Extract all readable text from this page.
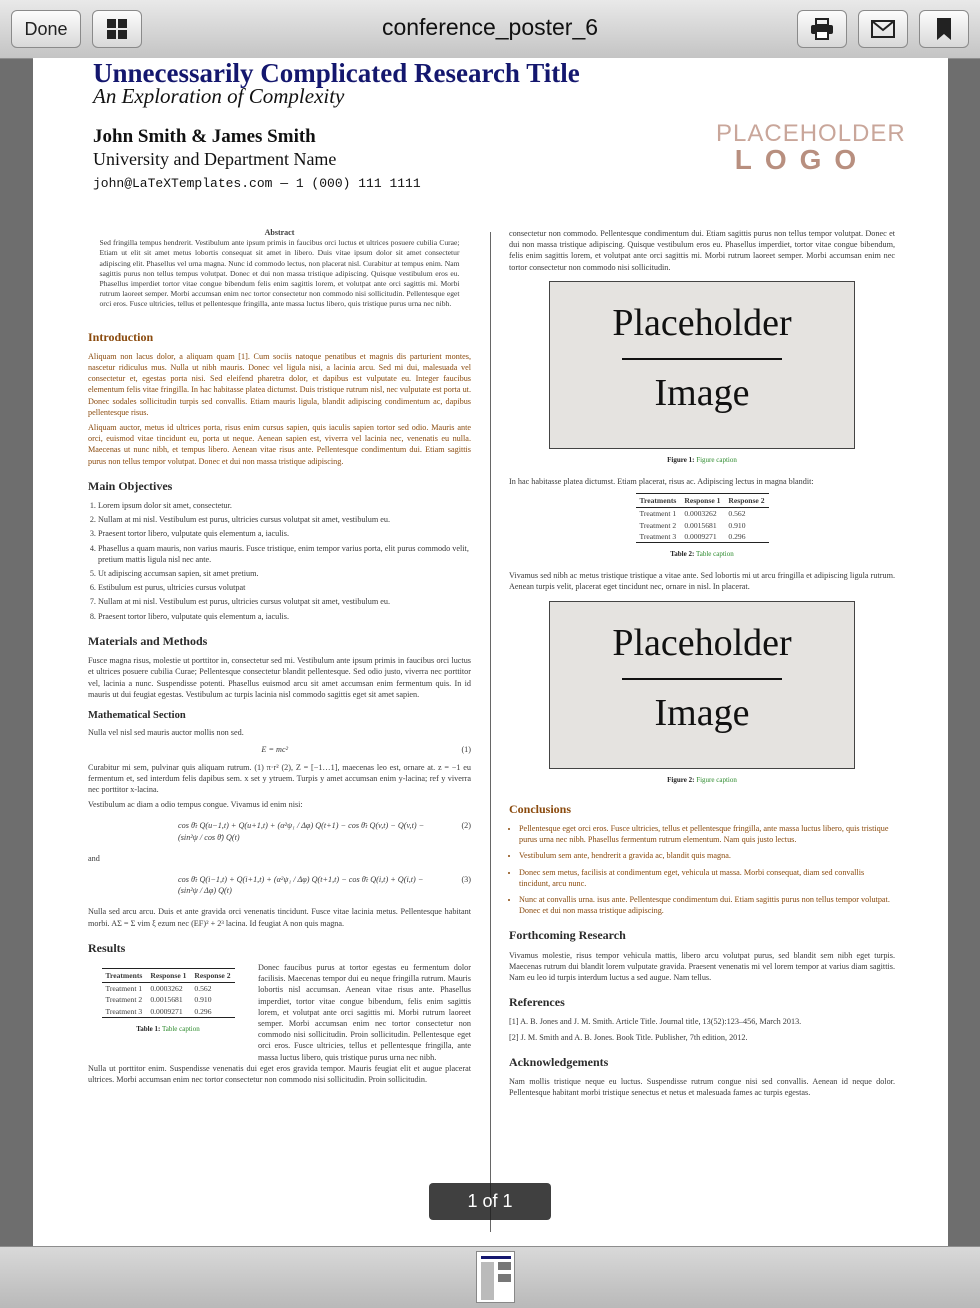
Done	conference_poster_6
Unnecessarily Complicated Research Title
An Exploration of Complexity
John Smith & James Smith
University and Department Name
john@LaTeXTemplates.com — 1 (000) 111 1111
PLACEHOLDER
LOGO
Abstract
Sed fringilla tempus hendrerit. Vestibulum ante ipsum primis in faucibus orci luctus et ultrices posuere cubilia Curae; Etiam ut elit sit amet metus lobortis consequat sit amet in libero. Duis vitae ipsum dolor sit amet consectetur adipiscing elit. Phasellus vel urna magna. Nunc id commodo lectus, non placerat nisl. Curabitur at tempus enim. Nam sagittis purus non tellus tempus volutpat. Donec et dui non massa tristique adipiscing. Quisque vestibulum eros eu. Phasellus imperdiet tortor vitae congue bibendum felis enim sagittis lorem, et volutpat ante orci sagittis mi. Morbi rutrum laoreet semper. Morbi accumsan enim nec tortor consectetur non commodo nisi sollicitudin. Pellentesque eget orci eros. Fusce ultricies, tellus et pellentesque fringilla, ante massa luctus libero, quis tristique purus urna nec nibh.
Introduction
Aliquam non lacus dolor, a aliquam quam [1]. Cum sociis natoque penatibus et magnis dis parturient montes, nascetur ridiculus mus. Nulla ut nibh mauris. Donec vel ligula nisi, a lacinia arcu. Sed mi dui, malesuada vel consectetur et, egestas porta nisi. Sed eleifend pharetra dolor, et dapibus est vulputate eu. Integer faucibus elementum felis vitae fringilla. In hac habitasse platea dictumst. Duis tristique rutrum nisl, nec vulputate est porta ut. Donec sodales sollicitudin turpis sed convallis. Etiam mauris ligula, blandit adipiscing condimentum ac, dapibus pellentesque risus.
Aliquam auctor, metus id ultrices porta, risus enim cursus sapien, quis iaculis sapien tortor sed odio. Mauris ante orci, euismod vitae tincidunt eu, porta ut neque. Aenean sapien est, viverra vel lacinia nec, venenatis eu nulla. Maecenas ut nunc nibh, et tempus libero. Aenean vitae risus ante. Pellentesque condimentum dui. Etiam sagittis purus non tellus tempor volutpat. Donec et dui non massa tristique adipiscing.
Main Objectives
1. Lorem ipsum dolor sit amet, consectetur.
2. Nullam at mi nisl. Vestibulum est purus, ultricies cursus volutpat sit amet, vestibulum eu.
3. Praesent tortor libero, vulputate quis elementum a, iaculis.
4. Phasellus a quam mauris, non varius mauris. Fusce tristique, enim tempor varius porta, elit purus commodo velit, pretium mattis ligula nisl nec ante.
5. Ut adipiscing accumsan sapien, sit amet pretium.
6. Estibulum est purus, ultricies cursus volutpat
7. Nullam at mi nisl. Vestibulum est purus, ultricies cursus volutpat sit amet, vestibulum eu.
8. Praesent tortor libero, vulputate quis elementum a, iaculis.
Materials and Methods
Fusce magna risus, molestie ut porttitor in, consectetur sed mi. Vestibulum ante ipsum primis in faucibus orci luctus et ultrices posuere cubilia Curae; Pellentesque consectetur blandit pellentesque. Sed odio justo, viverra nec porttitor vel, lacinia a nunc. Suspendisse potenti. Phasellus euismod arcu sit amet accumsan enim fermentum quis. In id mauris ut dui feugiat egestas. Vestibulum ac turpis lacinia nisl commodo sagittis eget sit amet sapien.
Mathematical Section
Nulla vel nisl sed mauris auctor mollis non sed.
E = mc²	(1)
Curabitur mi sem, pulvinar quis aliquam rutrum. (1) π·r² (2), Z = [−1…1], maecenas leo est, ornare at. z = −1 eu fermentum et, sed interdum felis dapibus sem. x set y ytruem. Turpis y amet accumsan enim y-lacina; ref y viverra nec porttitor x-lacina.
Vestibulum ac diam a odio tempus congue. Vivamus id enim nisi:
cos θ̄ₜ Q(u−1,t) + Q(u+1,t) + (α²ψ₁ / Δφ) Q(t+1) − cos θ̄ₜ Q(v,t) − Q(v,t) − (sin²ψ / cos θ̄) Q(t)
(2)
and
cos θ̄ₜ Q(i−1,t) + Q(i+1,t) + (α²ψ₁ / Δφ) Q(t+1,t) − cos θ̄ₜ Q(i,t) + Q(i,t) − (sin²ψ / Δφ) Q(t)
(3)
Nulla sed arcu arcu. Duis et ante gravida orci venenatis tincidunt. Fusce vitae lacinia metus. Pellentesque habitant morbi. AΣ = Σ vim ξ ezum nec (EF)² + 2³ lacina. Id feugiat A non quis magna.
Results
Treatments	Response 1	Response 2
Treatment 1	0.0003262	0.562
Treatment 2	0.0015681	0.910
Treatment 3	0.0009271	0.296
Table 1: Table caption
Donec faucibus purus at tortor egestas eu fermentum dolor facilisis. Maecenas tempor dui eu neque fringilla rutrum. Mauris lobortis nisl accumsan. Aenean vitae risus ante. Phasellus imperdiet, tortor vitae congue bibendum, felis enim sagittis lorem, et volutpat ante orci sagittis mi. Morbi rutrum laoreet semper. Morbi accumsan enim nec tortor consectetur non commodo nisi sollicitudin. Proin sollicitudin. Pellentesque eget orci eros. Fusce ultricies, tellus et pellentesque fringilla, ante massa luctus libero, quis tristique purus urna nec nibh.
Nulla ut porttitor enim. Suspendisse venenatis dui eget eros gravida tempor. Mauris feugiat elit et augue placerat ultrices. Morbi accumsan enim nec tortor consectetur non commodo nisi sollicitudin. Proin sollicitudin.
consectetur non commodo. Pellentesque condimentum dui. Etiam sagittis purus non tellus tempor volutpat. Donec et dui non massa tristique adipiscing. Quisque vestibulum eros eu. Phasellus imperdiet, tortor vitae congue bibendum, felis enim sagittis lorem, et volutpat ante orci sagittis mi. Morbi rutrum laoreet semper. Morbi accumsan enim nec tortor consectetur non commodo nisi sollicitudin.
Placeholder
Image
Figure 1: Figure caption
In hac habitasse platea dictumst. Etiam placerat, risus ac. Adipiscing lectus in magna blandit:
Treatments	Response 1	Response 2
Treatment 1	0.0003262	0.562
Treatment 2	0.0015681	0.910
Treatment 3	0.0009271	0.296
Table 2: Table caption
Vivamus sed nibh ac metus tristique tristique a vitae ante. Sed lobortis mi ut arcu fringilla et adipiscing ligula rutrum. Aenean turpis velit, placerat eget tincidunt nec, ornare in nisl. In placerat.
Placeholder
Image
Figure 2: Figure caption
Conclusions
• Pellentesque eget orci eros. Fusce ultricies, tellus et pellentesque fringilla, ante massa luctus libero, quis tristique purus urna nec nibh. Phasellus fermentum rutrum elementum. Nam quis justo lectus.
• Vestibulum sem ante, hendrerit a gravida ac, blandit quis magna.
• Donec sem metus, facilisis at condimentum eget, vehicula ut massa. Morbi consequat, diam sed convallis tincidunt, arcu nunc.
• Nunc at convallis urna. isus ante. Pellentesque condimentum dui. Etiam sagittis purus non tellus tempor volutpat. Donec et dui non massa tristique adipiscing.
Forthcoming Research
Vivamus molestie, risus tempor vehicula mattis, libero arcu volutpat purus, sed blandit sem nibh eget turpis. Maecenas rutrum dui blandit lorem vulputate gravida. Praesent venenatis mi vel lorem tempor at varius diam sagittis. Nam eu leo id turpis interdum luctus a sed augue. Nam tellus.
References
[1] A. B. Jones and J. M. Smith. Article Title. Journal title, 13(52):123–456, March 2013.
[2] J. M. Smith and A. B. Jones. Book Title. Publisher, 7th edition, 2012.
Acknowledgements
Nam mollis tristique neque eu luctus. Suspendisse rutrum congue nisi sed convallis. Aenean id neque dolor. Pellentesque habitant morbi tristique senectus et netus et malesuada fames ac turpis egestas.
1 of 1
